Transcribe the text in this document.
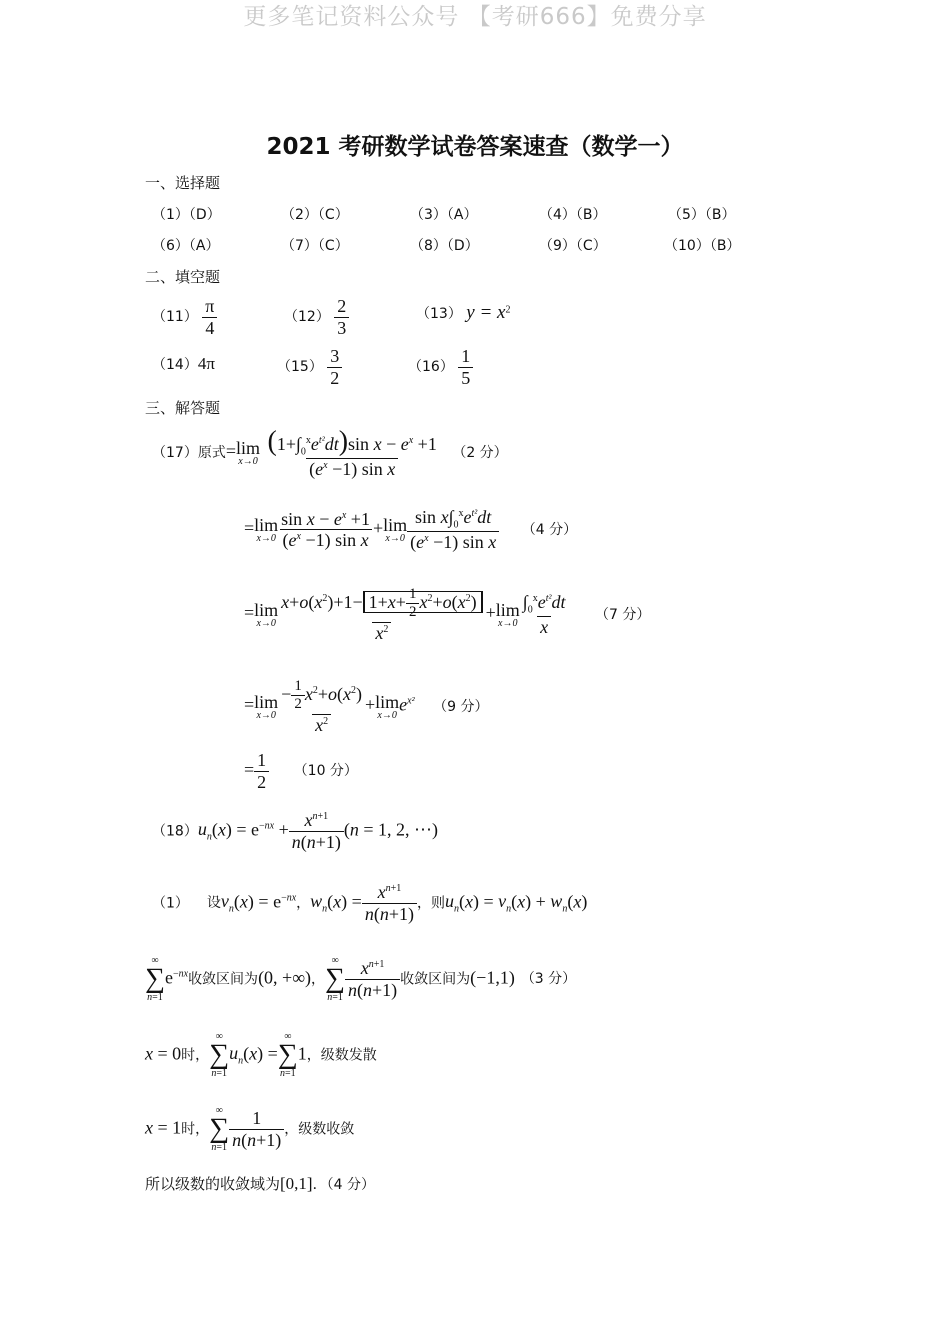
更多笔记资料公众号 【考研666】免费分享
2021 考研数学试卷答案速查（数学一）
一、选择题
（1）（D）	（2）（C）	（3）（A）	（4）（B）	（5）（B）
（6）（A）	（7）（C）	（8）（D）	（9）（C）	（10）（B）
二、填空题
$(11) \frac{\pi}{4}$	$(12) \frac{2}{3}$	（13） $y = x^2$
（14）4π	$(15) \frac{3}{2}$	$(16) \frac{1}{5}$
三、解答题
（17）原式= lim
x→0
$\frac{(1+\int_0^xe^{t^2}dt)\sin x - e^x +1}{(e^x -1) \sin x} (2$ 分）
= lim
$x\to 0 \frac{\sin x - e^x +1}{(e^x -1) \sin x} + \lim$
$x\to 0 \frac{\sin x\int_0^xe^{t^2}dt}{(e^x -1) \sin x} (4$ 分）
= lim
$x\to 0 \frac{x+o(x^2)+1- 1+x+ \frac{1}{2} x^2+o(x^2)}{x^2} + \lim$
$x\to 0 \frac{\int_0^xe^{t^2}dt}{x} (7$ 分）
= lim
$x\to 0 \frac{- \frac{1}{2} x^2+o(x^2)}{x^2} + \lim$
x→0
$e^{x^2}$ （9 分）
= $\frac{1}{2} (10$ 分）
$(18)u_n(x) = e^{-nx} + \frac{x^{n+1}}{n(n+1)} (n = 1$, 2, ⋯)
（1） 设$v_n(x) = e^{-nx}$，$w_n(x) = \frac{x^{n+1}}{n(n+1)}$ ，则$u_n(x) = v_n(x) + w_n(x)$
∞
∑
n=1
$e^{-nx}$收敛区间为(0, +∞)，
∞
∑
$n=1 \frac{x^{n+1}}{n(n+1)}$ 收敛区间为(−1,1) （3 分）
x = 0时，
∞
∑
n=1
$u_n(x)$ =
∞
∑
n=1
1，级数发散
x = 1时，
∞
∑
$n=1 \frac{1}{n(n+1)}$ ，级数收敛
所以级数的收敛域为[0,1]．（4 分）
